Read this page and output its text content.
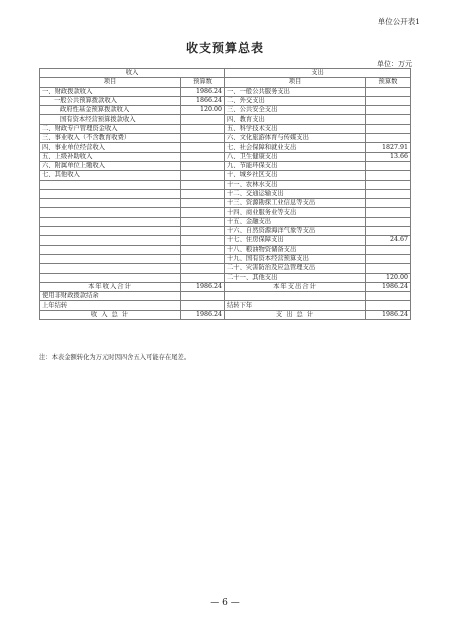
单位公开表1
收支预算总表
单位：万元
收入		支出	
项目	预算数	项目	预算数
一、财政拨款收入	1986.24	一、一般公共服务支出	
一般公共预算拨款收入	1866.24	二、外交支出	
政府性基金预算拨款收入	120.00	三、公共安全支出	
国有资本经营预算拨款收入		四、教育支出	
二、财政专户管理资金收入		五、科学技术支出	
三、事业收入（不含教育收费）		六、文化旅游体育与传媒支出	
四、事业单位经营收入		七、社会保障和就业支出	1827.91
五、上级补助收入		八、卫生健康支出	13.66
六、附属单位上缴收入		九、节能环保支出	
七、其他收入		十、城乡社区支出	
		十一、农林水支出	
		十二、交通运输支出	
		十三、资源勘探工业信息等支出	
		十四、商业服务业等支出	
		十五、金融支出	
		十六、自然资源海洋气象等支出	
		十七、住房保障支出	24.67
		十八、粮油物资储备支出	
		十九、国有资本经营预算支出	
		二十、灾害防治及应急管理支出	
		二十一、其他支出	120.00
本年收入合计	1986.24	本年支出合计	1986.24
使用非财政拨款结余			
上年结转		结转下年	
收 入 总 计	1986.24	支 出 总 计	1986.24
注：本表金额转化为万元时因四舍五入可能存在尾差。
— 6 —
